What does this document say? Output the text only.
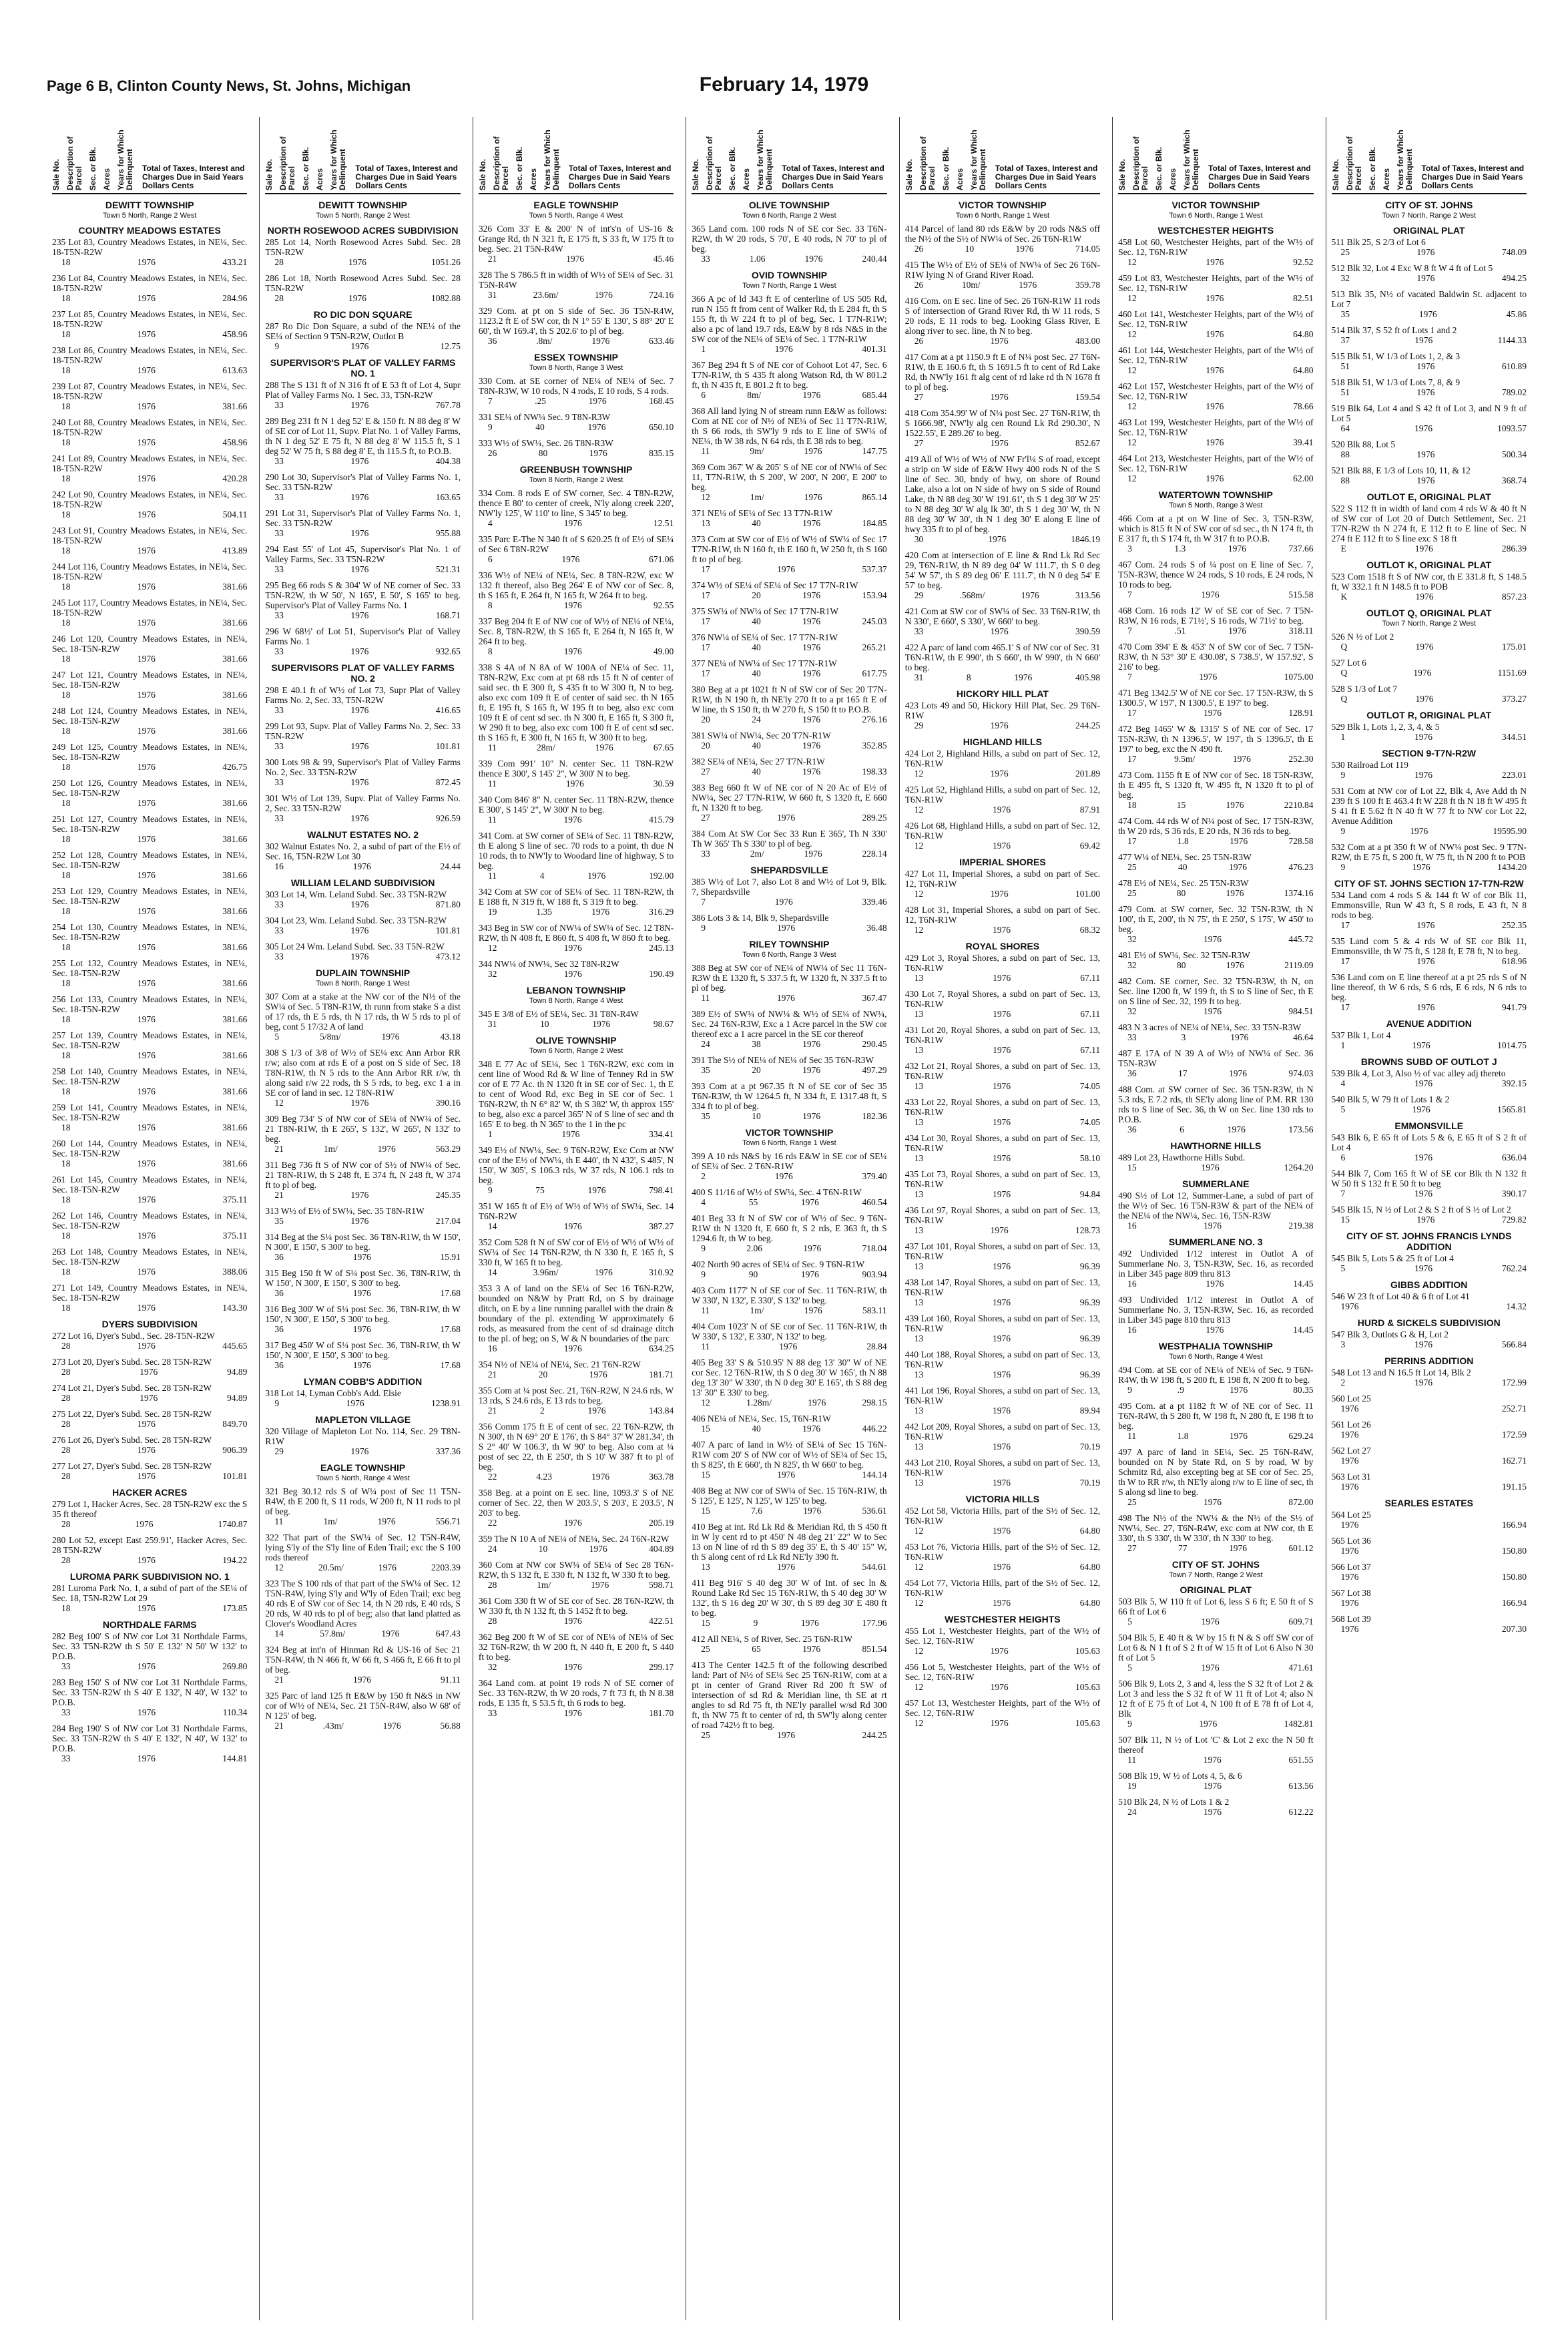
Page 6 B, Clinton County News, St. Johns, Michigan	February 14, 1979
Sale No. Description of Parcel Sec. or Blk. Acres Years for Which Delinquent Total of Taxes, Interest and Charges Due in Said Years Dollars Cents
DEWITT TOWNSHIP
Town 5 North, Range 2 West
COUNTRY MEADOWS ESTATES
235 Lot 83, Country Meadows Estates, in NE¼, Sec. 18-T5N-R2W
18	1976	433.21
236 Lot 84, Country Meadows Estates, in NE¼, Sec. 18-T5N-R2W
18	1976	284.96
237 Lot 85, Country Meadows Estates, in NE¼, Sec. 18-T5N-R2W
18	1976	458.96
238 Lot 86, Country Meadows Estates, in NE¼, Sec. 18-T5N-R2W
18	1976	613.63
239 Lot 87, Country Meadows Estates, in NE¼, Sec. 18-T5N-R2W
18	1976	381.66
240 Lot 88, Country Meadows Estates, in NE¼, Sec. 18-T5N-R2W
18	1976	458.96
241 Lot 89, Country Meadows Estates, in NE¼, Sec. 18-T5N-R2W
18	1976	420.28
242 Lot 90, Country Meadows Estates, in NE¼, Sec. 18-T5N-R2W
18	1976	504.11
243 Lot 91, Country Meadows Estates, in NE¼, Sec. 18-T5N-R2W
18	1976	413.89
244 Lot 116, Country Meadows Estates, in NE¼, Sec. 18-T5N-R2W
18	1976	381.66
245 Lot 117, Country Meadows Estates, in NE¼, Sec. 18-T5N-R2W
18	1976	381.66
246 Lot 120, Country Meadows Estates, in NE¼, Sec. 18-T5N-R2W
18	1976	381.66
247 Lot 121, Country Meadows Estates, in NE¼, Sec. 18-T5N-R2W
18	1976	381.66
248 Lot 124, Country Meadows Estates, in NE¼, Sec. 18-T5N-R2W
18	1976	381.66
249 Lot 125, Country Meadows Estates, in NE¼, Sec. 18-T5N-R2W
18	1976	426.75
250 Lot 126, Country Meadows Estates, in NE¼, Sec. 18-T5N-R2W
18	1976	381.66
251 Lot 127, Country Meadows Estates, in NE¼, Sec. 18-T5N-R2W
18	1976	381.66
252 Lot 128, Country Meadows Estates, in NE¼, Sec. 18-T5N-R2W
18	1976	381.66
253 Lot 129, Country Meadows Estates, in NE¼, Sec. 18-T5N-R2W
18	1976	381.66
254 Lot 130, Country Meadows Estates, in NE¼, Sec. 18-T5N-R2W
18	1976	381.66
255 Lot 132, Country Meadows Estates, in NE¼, Sec. 18-T5N-R2W
18	1976	381.66
256 Lot 133, Country Meadows Estates, in NE¼, Sec. 18-T5N-R2W
18	1976	381.66
257 Lot 139, Country Meadows Estates, in NE¼, Sec. 18-T5N-R2W
18	1976	381.66
258 Lot 140, Country Meadows Estates, in NE¼, Sec. 18-T5N-R2W
18	1976	381.66
259 Lot 141, Country Meadows Estates, in NE¼, Sec. 18-T5N-R2W
18	1976	381.66
260 Lot 144, Country Meadows Estates, in NE¼, Sec. 18-T5N-R2W
18	1976	381.66
261 Lot 145, Country Meadows Estates, in NE¼, Sec. 18-T5N-R2W
18	1976	375.11
262 Lot 146, Country Meadows Estates, in NE¼, Sec. 18-T5N-R2W
18	1976	375.11
263 Lot 148, Country Meadows Estates, in NE¼, Sec. 18-T5N-R2W
18	1976	388.06
271 Lot 149, Country Meadows Estates, in NE¼, Sec. 18-T5N-R2W
18	1976	143.30
DYERS SUBDIVISION
272 Lot 16, Dyer's Subd., Sec. 28-T5N-R2W
28	1976	445.65
273 Lot 20, Dyer's Subd. Sec. 28 T5N-R2W
28	1976	94.89
274 Lot 21, Dyer's Subd. Sec. 28 T5N-R2W
28	1976	94.89
275 Lot 22, Dyer's Subd. Sec. 28 T5N-R2W
28	1976	849.70
276 Lot 26, Dyer's Subd. Sec. 28 T5N-R2W
28	1976	906.39
277 Lot 27, Dyer's Subd. Sec. 28 T5N-R2W
28	1976	101.81
HACKER ACRES
279 Lot 1, Hacker Acres, Sec. 28 T5N-R2W exc the S 35 ft thereof
28	1976	1740.87
280 Lot 52, except East 259.91', Hacker Acres, Sec. 28 T5N-R2W
28	1976	194.22
LUROMA PARK SUBDIVISION NO. 1
281 Luroma Park No. 1, a subd of part of the SE¼ of Sec. 18, T5N-R2W Lot 29
18	1976	173.85
NORTHDALE FARMS
282 Beg 100' S of NW cor Lot 31 Northdale Farms, Sec. 33 T5N-R2W th S 50' E 132' N 50' W 132' to P.O.B.
33	1976	269.80
283 Beg 150' S of NW cor Lot 31 Northdale Farms, Sec. 33 T5N-R2W th S 40' E 132', N 40', W 132' to P.O.B.
33	1976	110.34
284 Beg 190' S of NW cor Lot 31 Northdale Farms, Sec. 33 T5N-R2W th S 40' E 132', N 40', W 132' to P.O.B.
33	1976	144.81
Sale No. Description of Parcel Sec. or Blk. Acres Years for Which Delinquent Total of Taxes, Interest and Charges Due in Said Years Dollars Cents
DEWITT TOWNSHIP
Town 5 North, Range 2 West
NORTH ROSEWOOD ACRES SUBDIVISION
285 Lot 14, North Rosewood Acres Subd. Sec. 28 T5N-R2W
28	1976	1051.26
286 Lot 18, North Rosewood Acres Subd. Sec. 28 T5N-R2W
28	1976	1082.88
RO DIC DON SQUARE
287 Ro Dic Don Square, a subd of the NE¼ of the SE¼ of Section 9 T5N-R2W, Outlot B
9	1976	12.75
SUPERVISOR'S PLAT OF VALLEY FARMS NO. 1
288 The S 131 ft of N 316 ft of E 53 ft of Lot 4, Supr Plat of Valley Farms No. 1 Sec. 33, T5N-R2W
33	1976	767.78
289 Beg 231 ft N 1 deg 52' E & 150 ft. N 88 deg 8' W of SE cor of Lot 11, Supv. Plat No. 1 of Valley Farms, th N 1 deg 52' E 75 ft, N 88 deg 8' W 115.5 ft, S 1 deg 52' W 75 ft, S 88 deg 8' E, th 115.5 ft, to P.O.B.
33	1976	404.38
290 Lot 30, Supervisor's Plat of Valley Farms No. 1, Sec. 33 T5N-R2W
33	1976	163.65
291 Lot 31, Supervisor's Plat of Valley Farms No. 1, Sec. 33 T5N-R2W
33	1976	955.88
294 East 55' of Lot 45, Supervisor's Plat No. 1 of Valley Farms, Sec. 33 T5N-R2W
33	1976	521.31
295 Beg 66 rods S & 304' W of NE corner of Sec. 33 T5N-R2W, th W 50', N 165', E 50', S 165' to beg. Supervisor's Plat of Valley Farms No. 1
33	1976	168.71
296 W 68½' of Lot 51, Supervisor's Plat of Valley Farms No. 1
33	1976	932.65
SUPERVISORS PLAT OF VALLEY FARMS NO. 2
298 E 40.1 ft of W½ of Lot 73, Supr Plat of Valley Farms No. 2, Sec. 33, T5N-R2W
33	1976	416.65
299 Lot 93, Supv. Plat of Valley Farms No. 2, Sec. 33 T5N-R2W
33	1976	101.81
300 Lots 98 & 99, Supervisor's Plat of Valley Farms No. 2, Sec. 33 T5N-R2W
33	1976	872.45
301 W½ of Lot 139, Supv. Plat of Valley Farms No. 2, Sec. 33 T5N-R2W
33	1976	926.59
WALNUT ESTATES NO. 2
302 Walnut Estates No. 2, a subd of part of the E½ of Sec. 16, T5N-R2W Lot 30
16	1976	24.44
WILLIAM LELAND SUBDIVISION
303 Lot 14, Wm. Leland Subd. Sec. 33 T5N-R2W
33	1976	871.80
304 Lot 23, Wm. Leland Subd. Sec. 33 T5N-R2W
33	1976	101.81
305 Lot 24 Wm. Leland Subd. Sec. 33 T5N-R2W
33	1976	473.12
DUPLAIN TOWNSHIP
Town 8 North, Range 1 West
307 Com at a stake at the NW cor of the N½ of the SW¼ of Sec. 5 T8N-R1W, th runn from stake S a dist of 17 rds, th E 5 rds, th N 17 rds, th W 5 rds to pl of beg, cont 5 17/32 A of land
5	5/8m/	1976	43.18
308 S 1/3 of 3/8 of W½ of SE¼ exc Ann Arbor RR r/w; also com at rds E of a post on S side of Sec. 18 T8N-R1W, th N 5 rds to the Ann Arbor RR r/w, th along said r/w 22 rods, th S 5 rds, to beg. exc 1 a in SE cor of land in sec. 12 T8N-R1W
12	1976	390.16
309 Beg 734' S of NW cor of SE¼ of NW¼ of Sec. 21 T8N-R1W, th E 265', S 132', W 265', N 132' to beg.
21	1m/	1976	563.29
311 Beg 736 ft S of NW cor of S½ of NW¼ of Sec. 21 T8N-R1W, th S 248 ft, E 374 ft, N 248 ft, W 374 ft to pl of beg.
21	1976	245.35
313 W½ of E½ of SW¼, Sec. 35 T8N-R1W
35	1976	217.04
314 Beg at the S¼ post Sec. 36 T8N-R1W, th W 150', N 300', E 150', S 300' to beg.
36	1976	15.91
315 Beg 150 ft W of S¼ post Sec. 36, T8N-R1W, th W 150', N 300', E 150', S 300' to beg.
36	1976	17.68
316 Beg 300' W of S¼ post Sec. 36, T8N-R1W, th W 150', N 300', E 150', S 300' to beg.
36	1976	17.68
317 Beg 450' W of S¼ post Sec. 36, T8N-R1W, th W 150', N 300', E 150', S 300' to beg.
36	1976	17.68
LYMAN COBB'S ADDITION
318 Lot 14, Lyman Cobb's Add. Elsie
9	1976	1238.91
MAPLETON VILLAGE
320 Village of Mapleton Lot No. 114, Sec. 29 T8N-R1W
29	1976	337.36
EAGLE TOWNSHIP
Town 5 North, Range 4 West
321 Beg 30.12 rds S of W¼ post of Sec 11 T5N-R4W, th E 200 ft, S 11 rods, W 200 ft, N 11 rods to pl of beg.
11	1m/	1976	556.71
322 That part of the SW¼ of Sec. 12 T5N-R4W, lying S'ly of the S'ly line of Eden Trail; exc the S 100 rods thereof
12	20.5m/	1976	2203.39
323 The S 100 rds of that part of the SW¼ of Sec. 12 T5N-R4W, lying S'ly and W'ly of Eden Trail; exc beg 40 rds E of SW cor of Sec 14, th N 20 rds, E 40 rds, S 20 rds, W 40 rds to pl of beg; also that land platted as Clover's Woodland Acres
14	57.8m/	1976	647.43
324 Beg at int'n of Hinman Rd & US-16 of Sec 21 T5N-R4W, th N 466 ft, W 66 ft, S 466 ft, E 66 ft to pl of beg.
21	1976	91.11
325 Parc of land 125 ft E&W by 150 ft N&S in NW cor of W½ of NE¼, Sec. 21 T5N-R4W, also W 68' of N 125' of beg.
21	.43m/	1976	56.88
Sale No. Description of Parcel Sec. or Blk. Acres Years for Which Delinquent Total of Taxes, Interest and Charges Due in Said Years Dollars Cents
EAGLE TOWNSHIP
Town 5 North, Range 4 West
326 Com 33' E & 200' N of int's'n of US-16 & Grange Rd, th N 321 ft, E 175 ft, S 33 ft, W 175 ft to beg. Sec. 21 T5N-R4W
21	1976	45.46
328 The S 786.5 ft in width of W½ of SE¼ of Sec. 31 T5N-R4W
31	23.6m/	1976	724.16
329 Com. at pt on S side of Sec. 36 T5N-R4W, 1123.2 ft E of SW cor, th N 1° 55' E 130', S 88° 20' E 60', th W 169.4', th S 202.6' to pl of beg.
36	.8m/	1976	633.46
ESSEX TOWNSHIP
Town 8 North, Range 3 West
330 Com. at SE corner of NE¼ of NE¼ of Sec. 7 T8N-R3W, W 10 rods, N 4 rods, E 10 rods, S 4 rods.
7	.25	1976	168.45
331 SE¼ of NW¼ Sec. 9 T8N-R3W
9	40	1976	650.10
333 W½ of SW¼, Sec. 26 T8N-R3W
26	80	1976	835.15
GREENBUSH TOWNSHIP
Town 8 North, Range 2 West
334 Com. 8 rods E of SW corner, Sec. 4 T8N-R2W, thence E 80' to center of creek, N'ly along creek 220', NW'ly 125', W 110' to line, S 345' to beg.
4	1976	12.51
335 Parc E-The N 340 ft of S 620.25 ft of E½ of SE¼ of Sec 6 T8N-R2W
6	1976	671.06
336 W½ of NE¼ of NE¼, Sec. 8 T8N-R2W, exc W 132 ft thereof, also Beg 264' E of NW cor of Sec. 8, th S 165 ft, E 264 ft, N 165 ft, W 264 ft to beg.
8	1976	92.55
337 Beg 204 ft E of NW cor of W½ of NE¼ of NE¼, Sec. 8, T8N-R2W, th S 165 ft, E 264 ft, N 165 ft, W 264 ft to beg.
8	1976	49.00
338 S 4A of N 8A of W 100A of NE¼ of Sec. 11, T8N-R2W, Exc com at pt 68 rds 15 ft N of center of said sec. th E 300 ft, S 435 ft to W 300 ft, N to beg. also exc com 109 ft E of center of said sec. th N 165 ft, E 195 ft, S 165 ft, W 195 ft to beg, also exc com 109 ft E of cent sd sec. th N 300 ft, E 165 ft, S 300 ft, W 290 ft to beg, also exc com 100 ft E of cent sd sec. th S 165 ft, E 300 ft, N 165 ft, W 300 ft to beg.
11	28m/	1976	67.65
339 Com 991' 10" N. center Sec. 11 T8N-R2W thence E 300', S 145' 2", W 300' N to beg.
11	1976	30.59
340 Com 846' 8" N. center Sec. 11 T8N-R2W, thence E 300', S 145' 2", W 300' N to beg.
11	1976	415.79
341 Com. at SW corner of SE¼ of Sec. 11 T8N-R2W, th E along S line of sec. 70 rods to a point, th due N 10 rods, th to NW'ly to Woodard line of highway, S to beg.
11	4	1976	192.00
342 Com at SW cor of SE¼ of Sec. 11 T8N-R2W, th E 188 ft, N 319 ft, W 188 ft, S 319 ft to beg.
19	1.35	1976	316.29
343 Beg in SW cor of NW¼ of SW¼ of Sec. 12 T8N-R2W, th N 408 ft, E 860 ft, S 408 ft, W 860 ft to beg.
12	1976	245.13
344 NW¼ of NW¼, Sec 32 T8N-R2W
32	1976	190.49
LEBANON TOWNSHIP
Town 8 North, Range 4 West
345 E 3/8 of E½ of SE¼, Sec. 31 T8N-R4W
31	10	1976	98.67
OLIVE TOWNSHIP
Town 6 North, Range 2 West
348 E 77 Ac of SE¼, Sec 1 T6N-R2W, exc com in cent line of Wood Rd & W line of Tenney Rd in SW cor of E 77 Ac. th N 1320 ft in SE cor of Sec. 1, th E to cent of Wood Rd, exc Beg in SE cor of Sec. 1 T6N-R2W, th N 6° 82' W, th S 382' W, th approx 155' to beg, also exc a parcel 365' N of S line of sec and th 165' E to beg. th N 365' to the 1 in the pc
1	1976	334.41
349 E½ of NW¼, Sec. 9 T6N-R2W, Exc Com at NW cor of the E½ of NW¼, th E 440', th N 432', S 485', N 150', W 305', S 106.3 rds, W 37 rds, N 106.1 rds to beg.
9	75	1976	798.41
351 W 165 ft of E½ of W½ of W½ of SW¼, Sec. 14 T6N-R2W
14	1976	387.27
352 Com 528 ft N of SW cor of E½ of W½ of W½ of SW¼ of Sec 14 T6N-R2W, th N 330 ft, E 165 ft, S 330 ft, W 165 ft to beg.
14	3.96m/	1976	310.92
353 3 A of land on the SE¼ of Sec 16 T6N-R2W, bounded on N&W by Pratt Rd, on S by drainage ditch, on E by a line running parallel with the drain & boundary of the pl. extending W approximately 6 rods, as measured from the cent of sd drainage ditch to the pl. of beg; on S, W & N boundaries of the parc
16	1976	634.25
354 N½ of NE¼ of NE¼, Sec. 21 T6N-R2W
21	20	1976	181.71
355 Com at ¼ post Sec. 21, T6N-R2W, N 24.6 rds, W 13 rds, S 24.6 rds, E 13 rds to beg.
21	2	1976	143.84
356 Comm 175 ft E of cent of sec. 22 T6N-R2W, th N 300', th N 69° 20' E 176', th S 84° 37' W 281.34', th S 2° 40' W 106.3', th W 90' to beg. Also com at ¼ post of sec 22, th E 250', th S 10' W 387 ft to pl of beg.
22	4.23	1976	363.78
358 Beg. at a point on E sec. line, 1093.3' S of NE corner of Sec. 22, then W 203.5', S 203', E 203.5', N 203' to beg.
22	1976	205.19
359 The N 10 A of NE¼ of NE¼, Sec. 24 T6N-R2W
24	10	1976	404.89
360 Com at NW cor SW¼ of SE¼ of Sec 28 T6N-R2W, th S 132 ft, E 330 ft, N 132 ft, W 330 ft to beg.
28	1m/	1976	598.71
361 Com 330 ft W of SE cor of Sec. 28 T6N-R2W, th W 330 ft, th N 132 ft, th S 1452 ft to beg.
28	1976	422.51
362 Beg 200 ft W of SE cor of NE¼ of NE¼ of Sec 32 T6N-R2W, th W 200 ft, N 440 ft, E 200 ft, S 440 ft to beg.
32	1976	299.17
364 Land com. at point 19 rods N of SE corner of Sec. 33 T6N-R2W, th W 20 rods, 7 ft 73 ft, th N 8.38 rods, E 135 ft, S 53.5 ft, th 6 rods to beg.
33	1976	181.70
Sale No. Description of Parcel Sec. or Blk. Acres Years for Which Delinquent Total of Taxes, Interest and Charges Due in Said Years Dollars Cents
OLIVE TOWNSHIP
Town 6 North, Range 2 West
365 Land com. 100 rods N of SE cor Sec. 33 T6N-R2W, th W 20 rods, S 70', E 40 rods, N 70' to pl of beg.
33	1.06	1976	240.44
OVID TOWNSHIP
Town 7 North, Range 1 West
366 A pc of ld 343 ft E of centerline of US 505 Rd, run N 155 ft from cent of Walker Rd, th E 284 ft, th S 155 ft, th W 224 ft to pl of beg, Sec. 1 T7N-R1W; also a pc of land 19.7 rds, E&W by 8 rds N&S in the SW cor of the NE¼ of SE¼ of Sec. 1 T7N-R1W
1	1976	401.31
367 Beg 294 ft S of NE cor of Cohoot Lot 47, Sec. 6 T7N-R1W, th S 435 ft along Watson Rd, th W 801.2 ft, th N 435 ft, E 801.2 ft to beg.
6	8m/	1976	685.44
368 All land lying N of stream runn E&W as follows: Com at NE cor of N½ of NE¼ of Sec 11 T7N-R1W, th S 66 rods, th SW'ly 9 rds to E line of SW¼ of NE¼, th W 38 rds, N 64 rds, th E 38 rds to beg.
11	9m/	1976	147.75
369 Com 367' W & 205' S of NE cor of NW¼ of Sec 11, T7N-R1W, th S 200', W 200', N 200', E 200' to beg.
12	1m/	1976	865.14
371 NE¼ of SE¼ of Sec 13 T7N-R1W
13	40	1976	184.85
373 Com at SW cor of E½ of W½ of SW¼ of Sec 17 T7N-R1W, th N 160 ft, th E 160 ft, W 250 ft, th S 160 ft to pl of beg.
17	1976	537.37
374 W½ of SE¼ of SE¼ of Sec 17 T7N-R1W
17	20	1976	153.94
375 SW¼ of NW¼ of Sec 17 T7N-R1W
17	40	1976	245.03
376 NW¼ of SE¼ of Sec. 17 T7N-R1W
17	40	1976	265.21
377 NE¼ of NW¼ of Sec 17 T7N-R1W
17	40	1976	617.75
380 Beg at a pt 1021 ft N of SW cor of Sec 20 T7N-R1W, th N 190 ft, th NE'ly 270 ft to a pt 165 ft E of W line, th S 150 ft, th W 270 ft, S 150 ft to P.O.B.
20	24	1976	276.16
381 SW¼ of NW¼, Sec 20 T7N-R1W
20	40	1976	352.85
382 SE¼ of NE¼, Sec 27 T7N-R1W
27	40	1976	198.33
383 Beg 660 ft W of NE cor of N 20 Ac of E½ of NW¼, Sec 27 T7N-R1W, W 660 ft, S 1320 ft, E 660 ft, N 1320 ft to beg.
27	1976	289.25
384 Com At SW Cor Sec 33 Run E 365', Th N 330' Th W 365' Th S 330' to pl of beg.
33	2m/	1976	228.14
SHEPARDSVILLE
385 W½ of Lot 7, also Lot 8 and W½ of Lot 9, Blk. 7, Shepardsville
7	1976	339.46
386 Lots 3 & 14, Blk 9, Shepardsville
9	1976	36.48
RILEY TOWNSHIP
Town 6 North, Range 3 West
388 Beg at SW cor of NE¼ of NW¼ of Sec 11 T6N-R3W th E 1320 ft, S 337.5 ft, W 1320 ft, N 337.5 ft to pl of beg.
11	1976	367.47
389 E½ of SW¼ of NW¼ & W½ of SE¼ of NW¼, Sec. 24 T6N-R3W, Exc a 1 Acre parcel in the SW cor thereof exc a 1 acre parcel in the SE cor thereof
24	38	1976	290.45
391 The S½ of NE¼ of NE¼ of Sec 35 T6N-R3W
35	20	1976	497.29
393 Com at a pt 967.35 ft N of SE cor of Sec 35 T6N-R3W, th W 1264.5 ft, N 334 ft, E 1317.48 ft, S 334 ft to pl of beg.
35	10	1976	182.36
VICTOR TOWNSHIP
Town 6 North, Range 1 West
399 A 10 rds N&S by 16 rds E&W in SE cor of SE¼ of SE¼ of Sec. 2 T6N-R1W
2	1976	379.40
400 S 11/16 of W½ of SW¼, Sec. 4 T6N-R1W
4	55	1976	460.54
401 Beg 33 ft N of SW cor of W½ of Sec. 9 T6N-R1W th N 1320 ft, E 660 ft, S 2 rds, E 363 ft, th S 1294.6 ft, th W to beg.
9	2.06	1976	718.04
402 North 90 acres of SE¼ of Sec. 9 T6N-R1W
9	90	1976	903.94
403 Com 1177' N of SE cor of Sec. 11 T6N-R1W, th W 330', N 132', E 330', S 132' to beg.
11	1m/	1976	583.11
404 Com 1023' N of SE cor of Sec. 11 T6N-R1W, th W 330', S 132', E 330', N 132' to beg.
11	1976	28.84
405 Beg 33' S & 510.95' N 88 deg 13' 30" W of NE cor Sec. 12 T6N-R1W, th S 0 deg 30' W 165', th N 88 deg 13' 30" W 330', th N 0 deg 30' E 165', th S 88 deg 13' 30" E 330' to beg.
12	1.28m/	1976	298.15
406 NE¼ of NE¼, Sec. 15, T6N-R1W
15	40	1976	446.22
407 A parc of land in W½ of SE¼ of Sec 15 T6N-R1W com 20' S of NW cor of W½ of SE¼ of Sec 15, th S 825', th E 660', th N 825', th W 660' to beg.
15	1976	144.14
408 Beg at NW cor of SW¼ of Sec. 15 T6N-R1W, th S 125', E 125', N 125', W 125' to beg.
15	7.6	1976	536.61
410 Beg at int. Rd Lk Rd & Meridian Rd, th S 450 ft in W ly cent rd to pt 450' N 48 deg 21' 22" W to Sec 13 on N line of rd th S 89 deg 35' E, th S 40' 15" W, th S along cent of rd Lk Rd NE'ly 390 ft.
13	1976	544.61
411 Beg 916' S 40 deg 30' W of Int. of sec ln & Round Lake Rd Sec 15 T6N-R1W, th S 40 deg 30' W 132', th S 16 deg 20' W 30', th S 89 deg 30' E 480 ft to beg.
15	9	1976	177.96
412 All NE¼, S of River, Sec. 25 T6N-R1W
25	65	1976	851.54
413 The Center 142.5 ft of the following described land: Part of N½ of SE¼ Sec 25 T6N-R1W, com at a pt in center of Grand River Rd 200 ft SW of intersection of sd Rd & Meridian line, th SE at rt angles to sd Rd 75 ft, th NE'ly parallel w/sd Rd 300 ft, th NW 75 ft to center of rd, th SW'ly along center of road 742½ ft to beg.
25	1976	244.25
Sale No. Description of Parcel Sec. or Blk. Acres Years for Which Delinquent Total of Taxes, Interest and Charges Due in Said Years Dollars Cents
VICTOR TOWNSHIP
Town 6 North, Range 1 West
414 Parcel of land 80 rds E&W by 20 rods N&S off the N½ of the S½ of NW¼ of Sec. 26 T6N-R1W
26	10	1976	714.05
415 The W½ of E½ of SE¼ of NW¼ of Sec 26 T6N-R1W lying N of Grand River Road.
26	10m/	1976	359.78
416 Com. on E sec. line of Sec. 26 T6N-R1W 11 rods S of intersection of Grand River Rd, th W 11 rods, S 20 rods, E 11 rods to beg. Looking Glass River, E along river to sec. line, th N to beg.
26	1976	483.00
417 Com at a pt 1150.9 ft E of N¼ post Sec. 27 T6N-R1W, th E 160.6 ft, th S 1691.5 ft to cent of Rd Lake Rd, th NW'ly 161 ft alg cent of rd lake rd th N 1678 ft to pl of beg.
27	1976	159.54
418 Com 354.99' W of N¼ post Sec. 27 T6N-R1W, th S 1666.98', NW'ly alg cen Round Lk Rd 290.30', N 1522.55', E 289.26' to beg.
27	1976	852.67
419 All of W½ of W½ of NW Fr'l¼ S of road, except a strip on W side of E&W Hwy 400 rods N of the S line of Sec. 30, bndy of hwy, on shore of Round Lake, also a lot on N side of hwy on S side of Round Lake, th N 88 deg 30' W 191.61', th S 1 deg 30' W 25' to N 88 deg 30' W alg lk 30', th S 1 deg 30' W, th N 88 deg 30' W 30', th N 1 deg 30' E along E line of hwy 335 ft to pl of beg.
30	1976	1846.19
420 Com at intersection of E line & Rnd Lk Rd Sec 29, T6N-R1W, th N 89 deg 04' W 111.7', th S 0 deg 54' W 57', th S 89 deg 06' E 111.7', th N 0 deg 54' E 57' to beg.
29	.568m/	1976	313.56
421 Com at SW cor of SW¼ of Sec. 33 T6N-R1W, th N 330', E 660', S 330', W 660' to beg.
33	1976	390.59
422 A parc of land com 465.1' S of NW cor of Sec. 31 T6N-R1W, th E 990', th S 660', th W 990', th N 660' to beg.
31	8	1976	405.98
HICKORY HILL PLAT
423 Lots 49 and 50, Hickory Hill Plat, Sec. 29 T6N-R1W
29	1976	244.25
HIGHLAND HILLS
424 Lot 2, Highland Hills, a subd on part of Sec. 12, T6N-R1W
12	1976	201.89
425 Lot 52, Highland Hills, a subd on part of Sec. 12, T6N-R1W
12	1976	87.91
426 Lot 68, Highland Hills, a subd on part of Sec. 12, T6N-R1W
12	1976	69.42
IMPERIAL SHORES
427 Lot 11, Imperial Shores, a subd on part of Sec. 12, T6N-R1W
12	1976	101.00
428 Lot 31, Imperial Shores, a subd on part of Sec. 12, T6N-R1W
12	1976	68.32
ROYAL SHORES
429 Lot 3, Royal Shores, a subd on part of Sec. 13, T6N-R1W
13	1976	67.11
430 Lot 7, Royal Shores, a subd on part of Sec. 13, T6N-R1W
13	1976	67.11
431 Lot 20, Royal Shores, a subd on part of Sec. 13, T6N-R1W
13	1976	67.11
432 Lot 21, Royal Shores, a subd on part of Sec. 13, T6N-R1W
13	1976	74.05
433 Lot 22, Royal Shores, a subd on part of Sec. 13, T6N-R1W
13	1976	74.05
434 Lot 30, Royal Shores, a subd on part of Sec. 13, T6N-R1W
13	1976	58.10
435 Lot 73, Royal Shores, a subd on part of Sec. 13, T6N-R1W
13	1976	94.84
436 Lot 97, Royal Shores, a subd on part of Sec. 13, T6N-R1W
13	1976	128.73
437 Lot 101, Royal Shores, a subd on part of Sec. 13, T6N-R1W
13	1976	96.39
438 Lot 147, Royal Shores, a subd on part of Sec. 13, T6N-R1W
13	1976	96.39
439 Lot 160, Royal Shores, a subd on part of Sec. 13, T6N-R1W
13	1976	96.39
440 Lot 188, Royal Shores, a subd on part of Sec. 13, T6N-R1W
13	1976	96.39
441 Lot 196, Royal Shores, a subd on part of Sec. 13, T6N-R1W
13	1976	89.94
442 Lot 209, Royal Shores, a subd on part of Sec. 13, T6N-R1W
13	1976	70.19
443 Lot 210, Royal Shores, a subd on part of Sec. 13, T6N-R1W
13	1976	70.19
VICTORIA HILLS
452 Lot 58, Victoria Hills, part of the S½ of Sec. 12, T6N-R1W
12	1976	64.80
453 Lot 76, Victoria Hills, part of the S½ of Sec. 12, T6N-R1W
12	1976	64.80
454 Lot 77, Victoria Hills, part of the S½ of Sec. 12, T6N-R1W
12	1976	64.80
WESTCHESTER HEIGHTS
455 Lot 1, Westchester Heights, part of the W½ of Sec. 12, T6N-R1W
12	1976	105.63
456 Lot 5, Westchester Heights, part of the W½ of Sec. 12, T6N-R1W
12	1976	105.63
457 Lot 13, Westchester Heights, part of the W½ of Sec. 12, T6N-R1W
12	1976	105.63
Sale No. Description of Parcel Sec. or Blk. Acres Years for Which Delinquent Total of Taxes, Interest and Charges Due in Said Years Dollars Cents
VICTOR TOWNSHIP
Town 6 North, Range 1 West
WESTCHESTER HEIGHTS
458 Lot 60, Westchester Heights, part of the W½ of Sec. 12, T6N-R1W
12	1976	92.52
459 Lot 83, Westchester Heights, part of the W½ of Sec. 12, T6N-R1W
12	1976	82.51
460 Lot 141, Westchester Heights, part of the W½ of Sec. 12, T6N-R1W
12	1976	64.80
461 Lot 144, Westchester Heights, part of the W½ of Sec. 12, T6N-R1W
12	1976	64.80
462 Lot 157, Westchester Heights, part of the W½ of Sec. 12, T6N-R1W
12	1976	78.66
463 Lot 199, Westchester Heights, part of the W½ of Sec. 12, T6N-R1W
12	1976	39.41
464 Lot 213, Westchester Heights, part of the W½ of Sec. 12, T6N-R1W
12	1976	62.00
WATERTOWN TOWNSHIP
Town 5 North, Range 3 West
466 Com at a pt on W line of Sec. 3, T5N-R3W, which is 815 ft N of SW cor of sd sec., th N 174 ft, th E 317 ft, th S 174 ft, th W 317 ft to P.O.B.
3	1.3	1976	737.66
467 Com. 24 rods S of ¼ post on E line of Sec. 7, T5N-R3W, thence W 24 rods, S 10 rods, E 24 rods, N 10 rods to beg.
7	1976	515.58
468 Com. 16 rods 12' W of SE cor of Sec. 7 T5N-R3W, N 16 rods, E 71½', S 16 rods, W 71½' to beg.
7	.51	1976	318.11
470 Com 394' E & 453' N of SW cor of Sec. 7 T5N-R3W, th N 53° 30' E 430.08', S 738.5', W 157.92', S 216' to beg.
7	1976	1075.00
471 Beg 1342.5' W of NE cor Sec. 17 T5N-R3W, th S 1300.5', W 197', N 1300.5', E 197' to beg.
17	1976	128.91
472 Beg 1465' W & 1315' S of NE cor of Sec. 17 T5N-R3W, th N 1396.5', W 197', th S 1396.5', th E 197' to beg, exc the N 490 ft.
17	9.5m/	1976	252.30
473 Com. 1155 ft E of NW cor of Sec. 18 T5N-R3W, th E 495 ft, S 1320 ft, W 495 ft, N 1320 ft to pl of beg.
18	15	1976	2210.84
474 Com. 44 rds W of N¼ post of Sec. 17 T5N-R3W, th W 20 rds, S 36 rds, E 20 rds, N 36 rds to beg.
17	1.8	1976	728.58
477 W¼ of NE¼, Sec. 25 T5N-R3W
25	40	1976	476.23
478 E½ of NE¼, Sec. 25 T5N-R3W
25	80	1976	1374.16
479 Com. at SW corner, Sec. 32 T5N-R3W, th N 100', th E, 200', th N 75', th E 250', S 175', W 450' to beg.
32	1976	445.72
481 E½ of SW¼, Sec. 32 T5N-R3W
32	80	1976	2119.09
482 Com. SE corner, Sec. 32 T5N-R3W, th N, on Sec. line 1200 ft, W 199 ft, th S to S line of Sec, th E on S line of Sec. 32, 199 ft to beg.
32	1976	984.51
483 N 3 acres of NE¼ of NE¼, Sec. 33 T5N-R3W
33	3	1976	46.64
487 E 17A of N 39 A of W½ of NW¼ of Sec. 36 T5N-R3W
36	17	1976	974.03
488 Com. at SW corner of Sec. 36 T5N-R3W, th N 5.3 rds, E 7.2 rds, th SE'ly along line of P.M. RR 130 rds to S line of Sec. 36, th W on Sec. line 130 rds to P.O.B.
36	6	1976	173.56
HAWTHORNE HILLS
489 Lot 23, Hawthorne Hills Subd.
15	1976	1264.20
SUMMERLANE
490 S½ of Lot 12, Summer-Lane, a subd of part of the W½ of Sec. 16 T5N-R3W & part of the NE¼ of the NE¼ of the NW¼, Sec. 16, T5N-R3W
16	1976	219.38
SUMMERLANE NO. 3
492 Undivided 1/12 interest in Outlot A of Summerlane No. 3, T5N-R3W, Sec. 16, as recorded in Liber 345 page 809 thru 813
16	1976	14.45
493 Undivided 1/12 interest in Outlot A of Summerlane No. 3, T5N-R3W, Sec. 16, as recorded in Liber 345 page 810 thru 813
16	1976	14.45
WESTPHALIA TOWNSHIP
Town 6 North, Range 4 West
494 Com. at SE cor of NE¼ of NE¼ of Sec. 9 T6N-R4W, th W 198 ft, S 200 ft, E 198 ft, N 200 ft to beg.
9	.9	1976	80.35
495 Com. at a pt 1182 ft W of NE cor of Sec. 11 T6N-R4W, th S 280 ft, W 198 ft, N 280 ft, E 198 ft to beg.
11	1.8	1976	629.24
497 A parc of land in SE¼, Sec. 25 T6N-R4W, bounded on N by State Rd, on S by road, W by Schmitz Rd, also excepting beg at SE cor of Sec. 25, th W to RR r/w, th NE'ly along r/w to E line of sec, th S along sd line to beg.
25	1976	872.00
498 The N½ of the NW¼ & the N½ of the S½ of NW¼, Sec. 27, T6N-R4W, exc com at NW cor, th E 330', th S 330', th W 330', th N 330' to beg.
27	77	1976	601.12
CITY OF ST. JOHNS
Town 7 North, Range 2 West
ORIGINAL PLAT
503 Blk 5, W 110 ft of Lot 6, less S 6 ft; E 50 ft of S 66 ft of Lot 6
5	1976	609.71
504 Blk 5, E 40 ft & W by 15 ft N & S off SW cor of Lot 6 & N 1 ft of S 2 ft of W 15 ft of Lot 6 Also N 30 ft of Lot 5
5	1976	471.61
506 Blk 9, Lots 2, 3 and 4, less the S 32 ft of Lot 2 & Lot 3 and less the S 32 ft of W 11 ft of Lot 4; also N 12 ft of E 75 ft of Lot 4, N 100 ft of E 78 ft of Lot 4, Blk
9	1976	1482.81
507 Blk 11, N ½ of Lot 'C' & Lot 2 exc the N 50 ft thereof
11	1976	651.55
508 Blk 19, W ½ of Lots 4, 5, & 6
19	1976	613.56
510 Blk 24, N ½ of Lots 1 & 2
24	1976	612.22
Sale No. Description of Parcel Sec. or Blk. Acres Years for Which Delinquent Total of Taxes, Interest and Charges Due in Said Years Dollars Cents
CITY OF ST. JOHNS
Town 7 North, Range 2 West
ORIGINAL PLAT
511 Blk 25, S 2/3 of Lot 6
25	1976	748.09
512 Blk 32, Lot 4 Exc W 8 ft W 4 ft of Lot 5
32	1976	494.25
513 Blk 35, N½ of vacated Baldwin St. adjacent to Lot 7
35	1976	45.86
514 Blk 37, S 52 ft of Lots 1 and 2
37	1976	1144.33
515 Blk 51, W 1/3 of Lots 1, 2, & 3
51	1976	610.89
518 Blk 51, W 1/3 of Lots 7, 8, & 9
51	1976	789.02
519 Blk 64, Lot 4 and S 42 ft of Lot 3, and N 9 ft of Lot 5
64	1976	1093.57
520 Blk 88, Lot 5
88	1976	500.34
521 Blk 88, E 1/3 of Lots 10, 11, & 12
88	1976	368.74
OUTLOT E, ORIGINAL PLAT
522 S 112 ft in width of land com 4 rds W & 40 ft N of SW cor of Lot 20 of Dutch Settlement, Sec. 21 T7N-R2W th N 274 ft, E 112 ft to E line of Sec. N 274 ft E 112 ft to S line exc S 18 ft
E	1976	286.39
OUTLOT K, ORIGINAL PLAT
523 Com 1518 ft S of NW cor, th E 331.8 ft, S 148.5 ft, W 332.1 ft N 148.5 ft to POB
K	1976	857.23
OUTLOT Q, ORIGINAL PLAT
Town 7 North, Range 2 West
526 N ½ of Lot 2
Q	1976	175.01
527 Lot 6
Q	1976	1151.69
528 S 1/3 of Lot 7
Q	1976	373.27
OUTLOT R, ORIGINAL PLAT
529 Blk 1, Lots 1, 2, 3, 4, & 5
1	1976	344.51
SECTION 9-T7N-R2W
530 Railroad Lot 119
9	1976	223.01
531 Com at NW cor of Lot 22, Blk 4, Ave Add th N 239 ft S 100 ft E 463.4 ft W 228 ft th N 18 ft W 495 ft S 41 ft E 5.62 ft N 40 ft W 77 ft to NW cor Lot 22, Avenue Addition
9	1976	19595.90
532 Com at a pt 350 ft W of NW¼ post Sec. 9 T7N-R2W, th E 75 ft, S 200 ft, W 75 ft, th N 200 ft to POB
9	1976	1434.20
CITY OF ST. JOHNS SECTION 17-T7N-R2W
534 Land com 4 rods S & 144 ft W of cor Blk 11, Emmonsville, Run W 43 ft, S 8 rods, E 43 ft, N 8 rods to beg.
17	1976	252.35
535 Land com 5 & 4 rds W of SE cor Blk 11, Emmonsville, th W 75 ft, S 128 ft, E 78 ft, N to beg.
17	1976	618.96
536 Land com on E line thereof at a pt 25 rds S of N line thereof, th W 6 rds, S 6 rds, E 6 rds, N 6 rds to beg.
17	1976	941.79
AVENUE ADDITION
537 Blk 1, Lot 4
1	1976	1014.75
BROWNS SUBD OF OUTLOT J
539 Blk 4, Lot 3, Also ½ of vac alley adj thereto
4	1976	392.15
540 Blk 5, W 79 ft of Lots 1 & 2
5	1976	1565.81
EMMONSVILLE
543 Blk 6, E 65 ft of Lots 5 & 6, E 65 ft of S 2 ft of Lot 4
6	1976	636.04
544 Blk 7, Com 165 ft W of SE cor Blk th N 132 ft W 50 ft S 132 ft E 50 ft to beg
7	1976	390.17
545 Blk 15, N ½ of Lot 2 & S 2 ft of S ½ of Lot 2
15	1976	729.82
CITY OF ST. JOHNS FRANCIS LYNDS ADDITION
545 Blk 5, Lots 5 & 25 ft of Lot 4
5	1976	762.24
GIBBS ADDITION
546 W 23 ft of Lot 40 & 6 ft of Lot 41
1976	14.32
HURD & SICKELS SUBDIVISION
547 Blk 3, Outlots G & H, Lot 2
3	1976	566.84
PERRINS ADDITION
548 Lot 13 and N 16.5 ft Lot 14, Blk 2
2	1976	172.99
560 Lot 25
1976	252.71
561 Lot 26
1976	172.59
562 Lot 27
1976	162.71
563 Lot 31
1976	191.15
SEARLES ESTATES
564 Lot 25
1976	166.94
565 Lot 36
1976	150.80
566 Lot 37
1976	150.80
567 Lot 38
1976	166.94
568 Lot 39
1976	207.30
